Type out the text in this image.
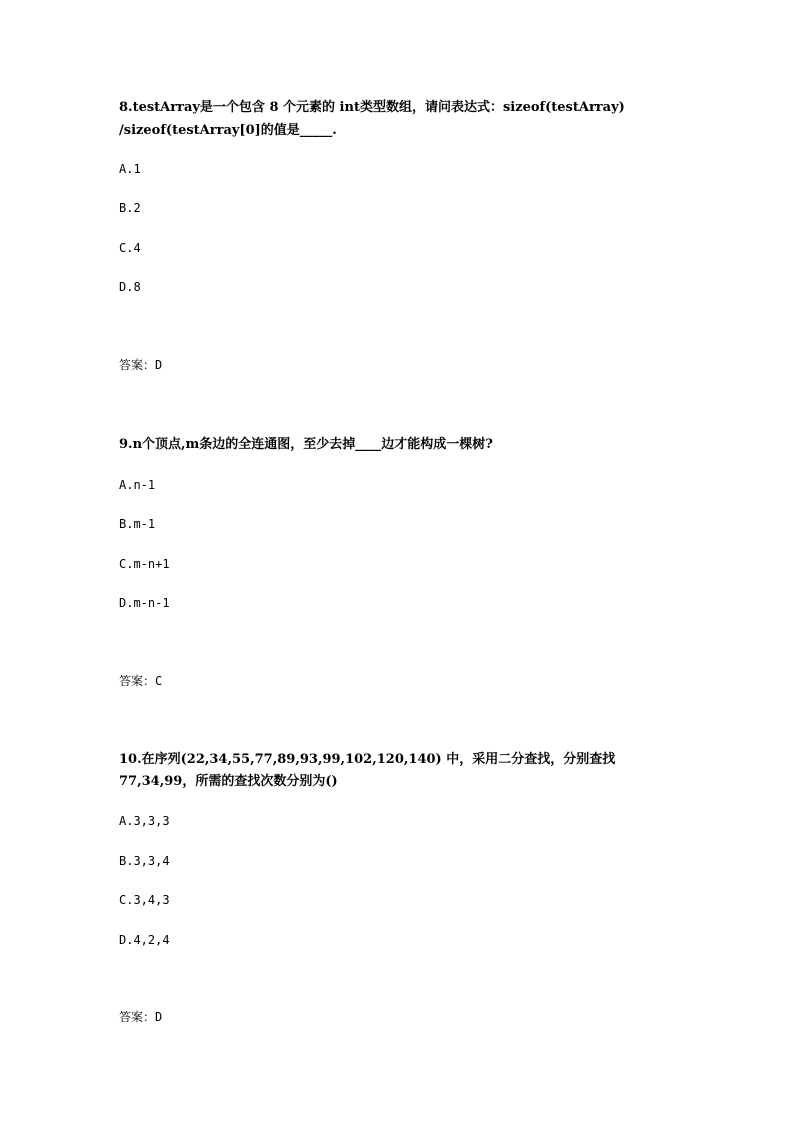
8.testArray是一个包含 8 个元素的 int类型数组，请问表达式：sizeof(testArray)
/sizeof(testArray[0]的值是_____.
A.1
B.2
C.4
D.8
答案：D
9.n个顶点,m条边的全连通图，至少去掉____边才能构成一棵树?
A.n-1
B.m-1
C.m-n+1
D.m-n-1
答案：C
10.在序列(22,34,55,77,89,93,99,102,120,140) 中，采用二分查找，分别查找
77,34,99，所需的查找次数分别为()
A.3,3,3
B.3,3,4
C.3,4,3
D.4,2,4
答案：D
